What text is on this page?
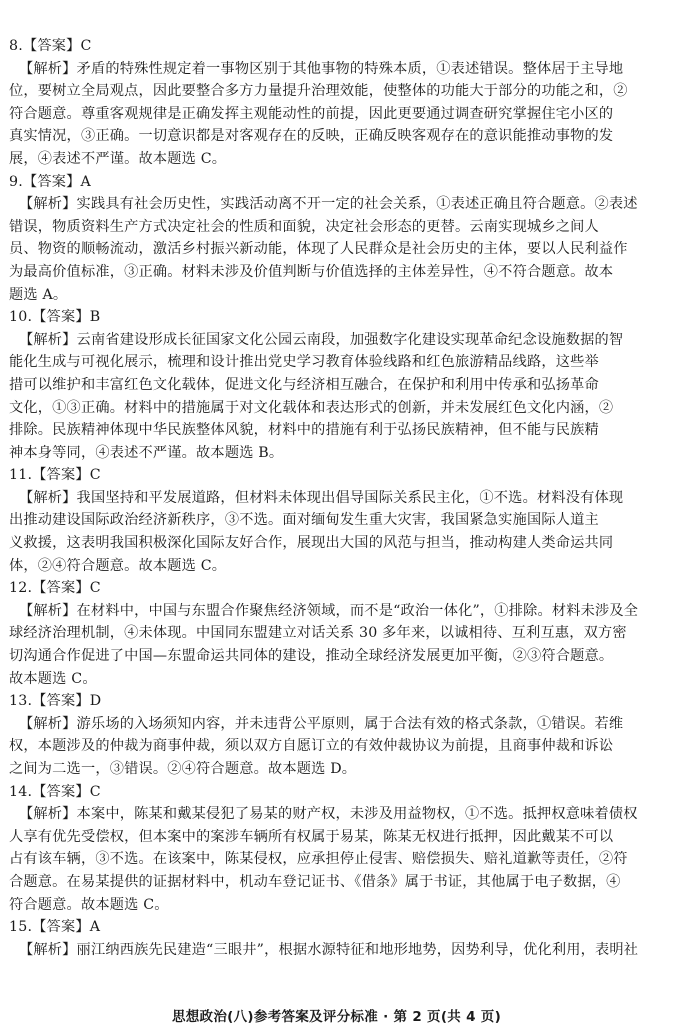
8.【答案】C
【解析】矛盾的特殊性规定着一事物区别于其他事物的特殊本质，①表述错误。整体居于主导地
位，要树立全局观点，因此要整合多方力量提升治理效能，使整体的功能大于部分的功能之和，②
符合题意。尊重客观规律是正确发挥主观能动性的前提，因此更要通过调查研究掌握住宅小区的
真实情况，③正确。一切意识都是对客观存在的反映，正确反映客观存在的意识能推动事物的发
展，④表述不严谨。故本题选 C。
9.【答案】A
【解析】实践具有社会历史性，实践活动离不开一定的社会关系，①表述正确且符合题意。②表述
错误，物质资料生产方式决定社会的性质和面貌，决定社会形态的更替。云南实现城乡之间人
员、物资的顺畅流动，激活乡村振兴新动能，体现了人民群众是社会历史的主体，要以人民利益作
为最高价值标准，③正确。材料未涉及价值判断与价值选择的主体差异性，④不符合题意。故本
题选 A。
10.【答案】B
【解析】云南省建设形成长征国家文化公园云南段，加强数字化建设实现革命纪念设施数据的智
能化生成与可视化展示，梳理和设计推出党史学习教育体验线路和红色旅游精品线路，这些举
措可以维护和丰富红色文化载体，促进文化与经济相互融合，在保护和利用中传承和弘扬革命
文化，①③正确。材料中的措施属于对文化载体和表达形式的创新，并未发展红色文化内涵，②
排除。民族精神体现中华民族整体风貌，材料中的措施有利于弘扬民族精神，但不能与民族精
神本身等同，④表述不严谨。故本题选 B。
11.【答案】C
【解析】我国坚持和平发展道路，但材料未体现出倡导国际关系民主化，①不选。材料没有体现
出推动建设国际政治经济新秩序，③不选。面对缅甸发生重大灾害，我国紧急实施国际人道主
义救援，这表明我国积极深化国际友好合作，展现出大国的风范与担当，推动构建人类命运共同
体，②④符合题意。故本题选 C。
12.【答案】C
【解析】在材料中，中国与东盟合作聚焦经济领域，而不是“政治一体化”，①排除。材料未涉及全
球经济治理机制，④未体现。中国同东盟建立对话关系 30 多年来，以诚相待、互利互惠，双方密
切沟通合作促进了中国—东盟命运共同体的建设，推动全球经济发展更加平衡，②③符合题意。
故本题选 C。
13.【答案】D
【解析】游乐场的入场须知内容，并未违背公平原则，属于合法有效的格式条款，①错误。若维
权，本题涉及的仲裁为商事仲裁，须以双方自愿订立的有效仲裁协议为前提，且商事仲裁和诉讼
之间为二选一，③错误。②④符合题意。故本题选 D。
14.【答案】C
【解析】本案中，陈某和戴某侵犯了易某的财产权，未涉及用益物权，①不选。抵押权意味着债权
人享有优先受偿权，但本案中的案涉车辆所有权属于易某，陈某无权进行抵押，因此戴某不可以
占有该车辆，③不选。在该案中，陈某侵权，应承担停止侵害、赔偿损失、赔礼道歉等责任，②符
合题意。在易某提供的证据材料中，机动车登记证书、《借条》属于书证，其他属于电子数据，④
符合题意。故本题选 C。
15.【答案】A
【解析】丽江纳西族先民建造“三眼井”，根据水源特征和地形地势，因势利导，优化利用，表明社
思想政治(八)参考答案及评分标准 · 第 2 页(共 4 页)
